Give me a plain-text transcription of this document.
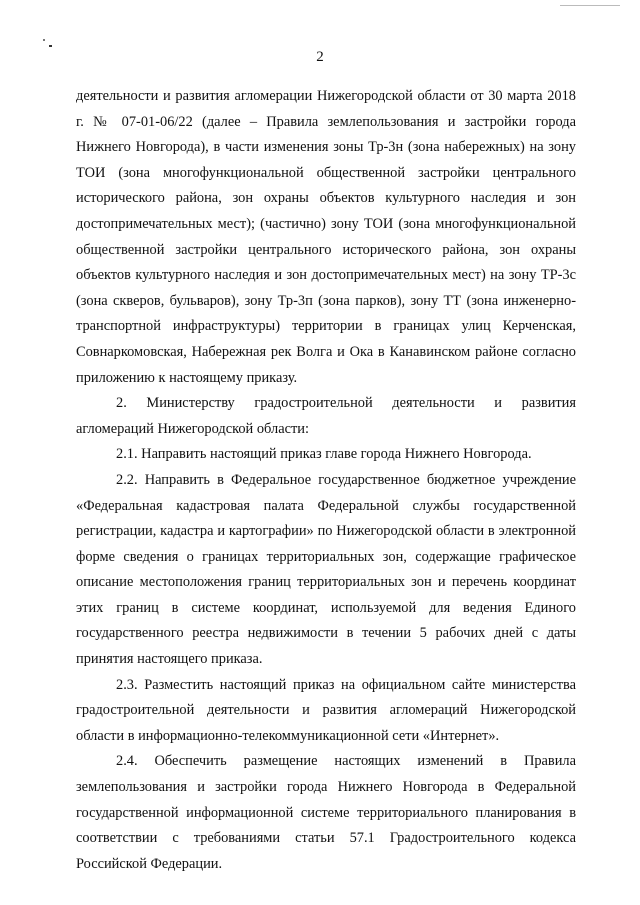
2

деятельности и развития агломерации Нижегородской области от 30 марта 2018 г. № 07-01-06/22 (далее – Правила землепользования и застройки города Нижнего Новгорода), в части изменения зоны Тр-3н (зона набережных) на зону ТОИ (зона многофункциональной общественной застройки центрального исторического района, зон охраны объектов культурного наследия и зон достопримечательных мест); (частично) зону ТОИ (зона многофункциональной общественной застройки центрального исторического района, зон охраны объектов культурного наследия и зон достопримечательных мест) на зону ТР-3с (зона скверов, бульваров), зону Тр-3п (зона парков), зону ТТ (зона инженерно-транспортной инфраструктуры) территории в границах улиц Керченская, Совнаркомовская, Набережная рек Волга и Ока в Канавинском районе согласно приложению к настоящему приказу.

2. Министерству градостроительной деятельности и развития агломераций Нижегородской области:

2.1. Направить настоящий приказ главе города Нижнего Новгорода.

2.2. Направить в Федеральное государственное бюджетное учреждение «Федеральная кадастровая палата Федеральной службы государственной регистрации, кадастра и картографии» по Нижегородской области в электронной форме сведения о границах территориальных зон, содержащие графическое описание местоположения границ территориальных зон и перечень координат этих границ в системе координат, используемой для ведения Единого государственного реестра недвижимости в течении 5 рабочих дней с даты принятия настоящего приказа.

2.3. Разместить настоящий приказ на официальном сайте министерства градостроительной деятельности и развития агломераций Нижегородской области в информационно-телекоммуникационной сети «Интернет».

2.4. Обеспечить размещение настоящих изменений в Правила землепользования и застройки города Нижнего Новгорода в Федеральной государственной информационной системе территориального планирования в соответствии с требованиями статьи 57.1 Градостроительного кодекса Российской Федерации.
